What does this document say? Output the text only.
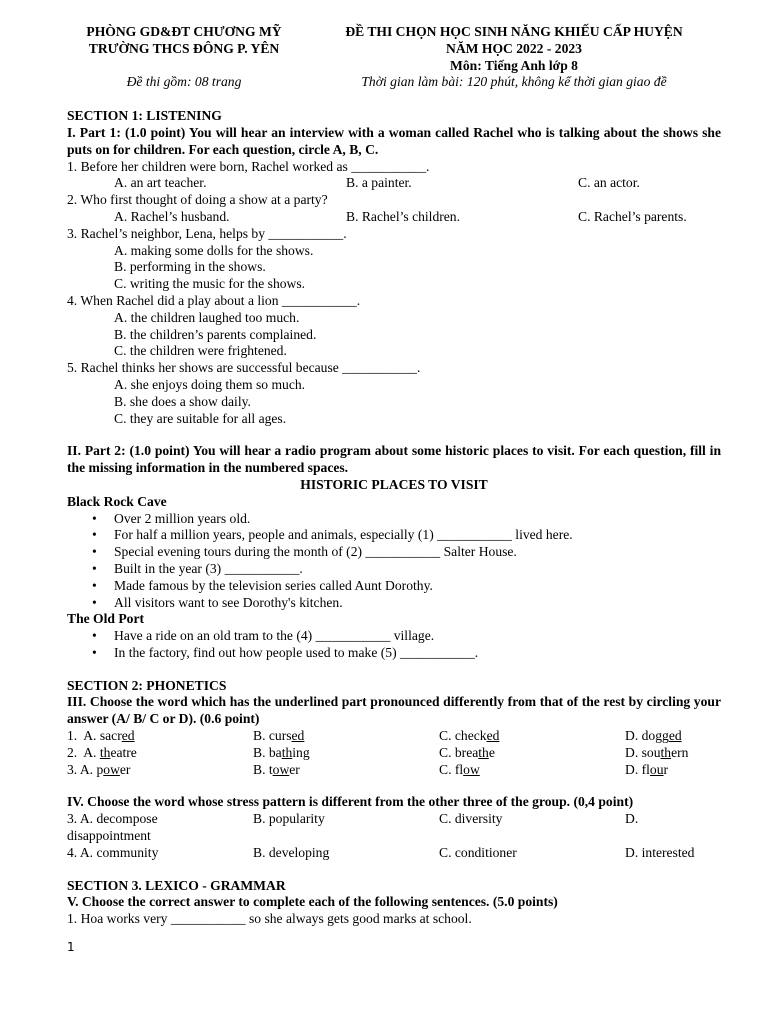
PHÒNG GD&ĐT CHƯƠNG MỸ
TRƯỜNG THCS ĐÔNG P. YÊN
ĐỀ THI CHỌN HỌC SINH NĂNG KHIẾU CẤP HUYỆN
NĂM HỌC 2022 - 2023
Môn: Tiếng Anh lớp 8
Đề thi gồm: 08 trang	Thời gian làm bài: 120 phút, không kể thời gian giao đề
SECTION 1: LISTENING
I. Part 1: (1.0 point) You will hear an interview with a woman called Rachel who is talking about the shows she puts on for children. For each question, circle A, B, C.
1. Before her children were born, Rachel worked as ___________.
A. an art teacher.	B. a painter.	C. an actor.
2. Who first thought of doing a show at a party?
A. Rachel’s husband.	B. Rachel’s children.	C. Rachel’s parents.
3. Rachel’s neighbor, Lena, helps by ___________.
A. making some dolls for the shows.
B. performing in the shows.
C. writing the music for the shows.
4. When Rachel did a play about a lion ___________.
A. the children laughed too much.
B. the children’s parents complained.
C. the children were frightened.
5. Rachel thinks her shows are successful because ___________.
A. she enjoys doing them so much.
B. she does a show daily.
C. they are suitable for all ages.
II. Part 2: (1.0 point) You will hear a radio program about some historic places to visit. For each question, fill in the missing information in the numbered spaces.
HISTORIC PLACES TO VISIT
Black Rock Cave
• Over 2 million years old.
• For half a million years, people and animals, especially (1) ___________ lived here.
• Special evening tours during the month of (2) ___________ Salter House.
• Built in the year (3) ___________.
• Made famous by the television series called Aunt Dorothy.
• All visitors want to see Dorothy's kitchen.
The Old Port
• Have a ride on an old tram to the (4) ___________ village.
• In the factory, find out how people used to make (5) ___________.
SECTION 2: PHONETICS
III. Choose the word which has the underlined part pronounced differently from that of the rest by circling your answer (A/ B/ C or D). (0.6 point)
1.  A. sacred	B. cursed	C. checked	D. dogged
2.  A. theatre	B. bathing	C. breathe	D. southern
3. A. power	B. tower	C. flow	D. flour
IV. Choose the word whose stress pattern is different from the other three of the group. (0,4 point)
3. A. decompose	B. popularity	C. diversity	D.
disappointment
4. A. community	B. developing	C. conditioner	D. interested
SECTION 3. LEXICO - GRAMMAR
V. Choose the correct answer to complete each of the following sentences. (5.0 points)
1. Hoa works very ___________ so she always gets good marks at school.
1
